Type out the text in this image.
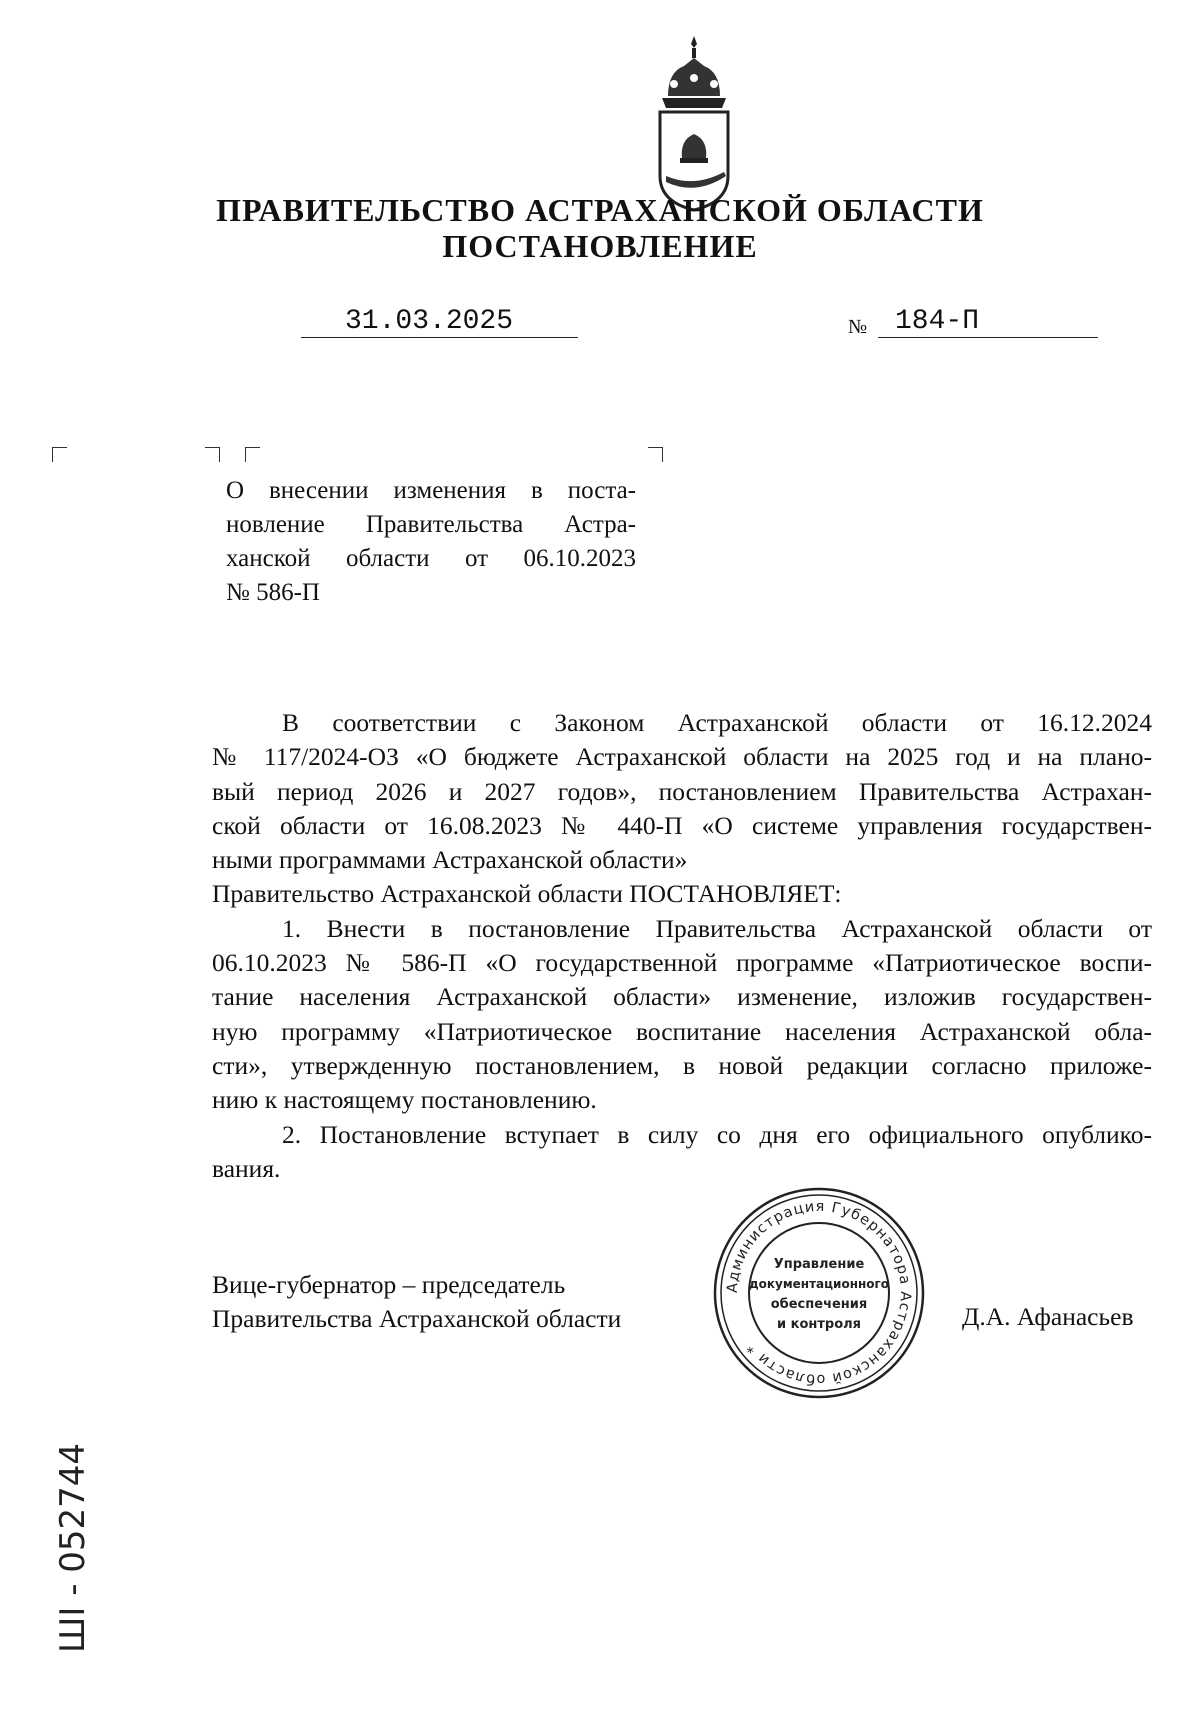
ПРАВИТЕЛЬСТВО АСТРАХАНСКОЙ ОБЛАСТИ
ПОСТАНОВЛЕНИЕ
31.03.2025	№ 184-П
О внесении изменения в поста-
новление Правительства Астра-
ханской области от 06.10.2023
№ 586-П
В соответствии с Законом Астраханской области от 16.12.2024
№ 117/2024-ОЗ «О бюджете Астраханской области на 2025 год и на плано-
вый период 2026 и 2027 годов», постановлением Правительства Астрахан-
ской области от 16.08.2023 № 440-П «О системе управления государствен-
ными программами Астраханской области»
Правительство Астраханской области ПОСТАНОВЛЯЕТ:
1. Внести в постановление Правительства Астраханской области от
06.10.2023 № 586-П «О государственной программе «Патриотическое воспи-
тание населения Астраханской области» изменение, изложив государствен-
ную программу «Патриотическое воспитание населения Астраханской обла-
сти», утвержденную постановлением, в новой редакции согласно приложе-
нию к настоящему постановлению.
2. Постановление вступает в силу со дня его официального опублико-
вания.
Вице-губернатор – председатель
Правительства Астраханской области	Д.А. Афанасьев
Администрация Губернатора Астраханской области *
Управление
документационного
обеспечения
и контроля
ШІ - 052744
